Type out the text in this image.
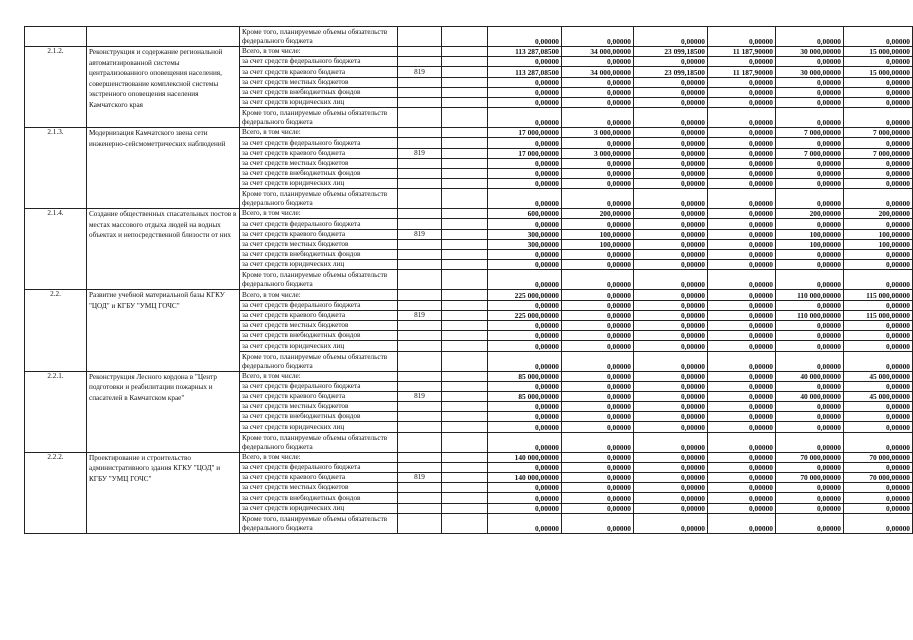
		Кроме того, планируемые объемы обязательств федерального бюджета			0,00000	0,00000	0,00000	0,00000	0,00000	0,00000
2.1.2.	Реконструкция и содержание региональной автоматизированной системы централизованного оповещения населения, совершенствование комплексной системы экстренного оповещения населения Камчатского края	Всего, в том числе:			113 287,08500	34 000,00000	23 099,18500	11 187,90000	30 000,00000	15 000,00000
		за счет средств федерального бюджета			0,00000	0,00000	0,00000	0,00000	0,00000	0,00000
		за счет средств краевого бюджета	819		113 287,08500	34 000,00000	23 099,18500	11 187,90000	30 000,00000	15 000,00000
		за счет средств местных бюджетов			0,00000	0,00000	0,00000	0,00000	0,00000	0,00000
		за счет средств внебюджетных фондов			0,00000	0,00000	0,00000	0,00000	0,00000	0,00000
		за счет средств юридических лиц			0,00000	0,00000	0,00000	0,00000	0,00000	0,00000
		Кроме того, планируемые объемы обязательств федерального бюджета			0,00000	0,00000	0,00000	0,00000	0,00000	0,00000
2.1.3.	Модернизация Камчатского звена сети инженерно-сейсмометрических наблюдений	Всего, в том числе:			17 000,00000	3 000,00000	0,00000	0,00000	7 000,00000	7 000,00000
		за счет средств федерального бюджета			0,00000	0,00000	0,00000	0,00000	0,00000	0,00000
		за счет средств краевого бюджета	819		17 000,00000	3 000,00000	0,00000	0,00000	7 000,00000	7 000,00000
		за счет средств местных бюджетов			0,00000	0,00000	0,00000	0,00000	0,00000	0,00000
		за счет средств внебюджетных фондов			0,00000	0,00000	0,00000	0,00000	0,00000	0,00000
		за счет средств юридических лиц			0,00000	0,00000	0,00000	0,00000	0,00000	0,00000
		Кроме того, планируемые объемы обязательств федерального бюджета			0,00000	0,00000	0,00000	0,00000	0,00000	0,00000
2.1.4.	Создание общественных спасательных постов в местах массового отдыха людей на водных объектах и непосредственной близости от них	Всего, в том числе:			600,00000	200,00000	0,00000	0,00000	200,00000	200,00000
		за счет средств федерального бюджета			0,00000	0,00000	0,00000	0,00000	0,00000	0,00000
		за счет средств краевого бюджета	819		300,00000	100,00000	0,00000	0,00000	100,00000	100,00000
		за счет средств местных бюджетов			300,00000	100,00000	0,00000	0,00000	100,00000	100,00000
		за счет средств внебюджетных фондов			0,00000	0,00000	0,00000	0,00000	0,00000	0,00000
		за счет средств юридических лиц			0,00000	0,00000	0,00000	0,00000	0,00000	0,00000
		Кроме того, планируемые объемы обязательств федерального бюджета			0,00000	0,00000	0,00000	0,00000	0,00000	0,00000
2.2.	Развитие учебной материальной базы КГКУ "ЦОД" и КГБУ "УМЦ ГОЧС"	Всего, в том числе:			225 000,00000	0,00000	0,00000	0,00000	110 000,00000	115 000,00000
		за счет средств федерального бюджета			0,00000	0,00000	0,00000	0,00000	0,00000	0,00000
		за счет средств краевого бюджета	819		225 000,00000	0,00000	0,00000	0,00000	110 000,00000	115 000,00000
		за счет средств местных бюджетов			0,00000	0,00000	0,00000	0,00000	0,00000	0,00000
		за счет средств внебюджетных фондов			0,00000	0,00000	0,00000	0,00000	0,00000	0,00000
		за счет средств юридических лиц			0,00000	0,00000	0,00000	0,00000	0,00000	0,00000
		Кроме того, планируемые объемы обязательств федерального бюджета			0,00000	0,00000	0,00000	0,00000	0,00000	0,00000
2.2.1.	Реконструкция Лесного кордона в "Центр подготовки и реабилитации пожарных и спасателей в Камчатском крае"	Всего, в том числе:			85 000,00000	0,00000	0,00000	0,00000	40 000,00000	45 000,00000
		за счет средств федерального бюджета			0,00000	0,00000	0,00000	0,00000	0,00000	0,00000
		за счет средств краевого бюджета	819		85 000,00000	0,00000	0,00000	0,00000	40 000,00000	45 000,00000
		за счет средств местных бюджетов			0,00000	0,00000	0,00000	0,00000	0,00000	0,00000
		за счет средств внебюджетных фондов			0,00000	0,00000	0,00000	0,00000	0,00000	0,00000
		за счет средств юридических лиц			0,00000	0,00000	0,00000	0,00000	0,00000	0,00000
		Кроме того, планируемые объемы обязательств федерального бюджета			0,00000	0,00000	0,00000	0,00000	0,00000	0,00000
2.2.2.	Проектирование и строительство административного здания КГКУ "ЦОД" и КГБУ "УМЦ ГОЧС"	Всего, в том числе:			140 000,00000	0,00000	0,00000	0,00000	70 000,00000	70 000,00000
		за счет средств федерального бюджета			0,00000	0,00000	0,00000	0,00000	0,00000	0,00000
		за счет средств краевого бюджета	819		140 000,00000	0,00000	0,00000	0,00000	70 000,00000	70 000,00000
		за счет средств местных бюджетов			0,00000	0,00000	0,00000	0,00000	0,00000	0,00000
		за счет средств внебюджетных фондов			0,00000	0,00000	0,00000	0,00000	0,00000	0,00000
		за счет средств юридических лиц			0,00000	0,00000	0,00000	0,00000	0,00000	0,00000
		Кроме того, планируемые объемы обязательств федерального бюджета			0,00000	0,00000	0,00000	0,00000	0,00000	0,00000
